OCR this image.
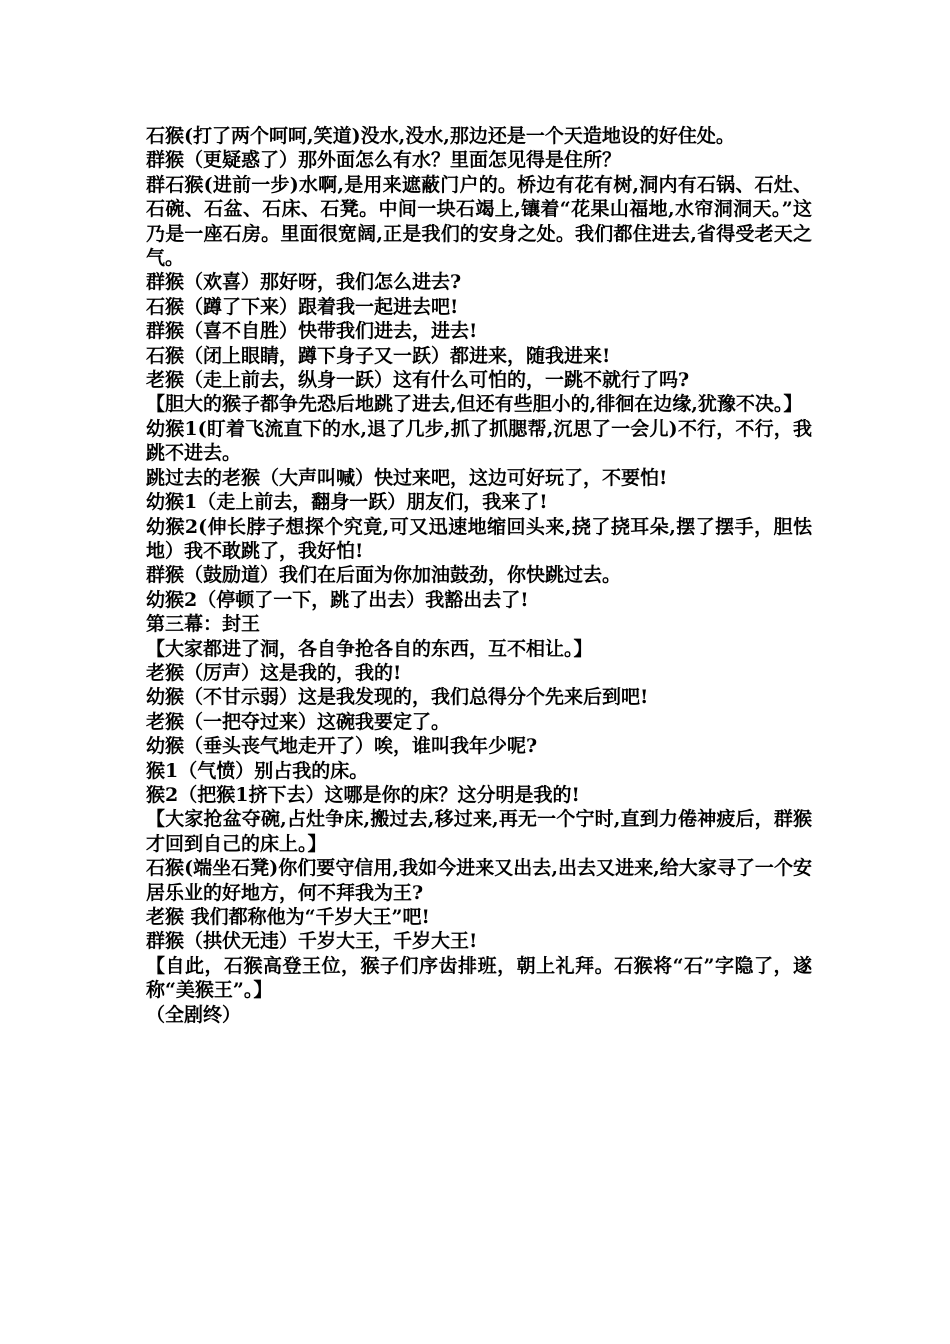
石猴(打了两个呵呵,笑道)没水,没水,那边还是一个天造地设的好住处。

群猴（更疑惑了）那外面怎么有水？里面怎见得是住所？

群石猴(进前一步)水啊,是用来遮蔽门户的。桥边有花有树,洞内有石锅、石灶、石碗、石盆、石床、石凳。中间一块石竭上,镶着“花果山福地,水帘洞洞天。”这乃是一座石房。里面很宽阔,正是我们的安身之处。我们都住进去,省得受老天之气。

群猴（欢喜）那好呀，我们怎么进去?

石猴（蹲了下来）跟着我一起进去吧!

群猴（喜不自胜）快带我们进去，进去!

石猴（闭上眼睛，蹲下身子又一跃）都进来，随我进来!

老猴（走上前去，纵身一跃）这有什么可怕的，一跳不就行了吗?

【胆大的猴子都争先恐后地跳了进去,但还有些胆小的,徘徊在边缘,犹豫不决。】

幼猴1(盯着飞流直下的水,退了几步,抓了抓腮帮,沉思了一会儿)不行，不行，我跳不进去。

跳过去的老猴（大声叫喊）快过来吧，这边可好玩了，不要怕!

幼猴1（走上前去，翻身一跃）朋友们，我来了!

幼猴2(伸长脖子想探个究竟,可又迅速地缩回头来,挠了挠耳朵,摆了摆手，胆怯地）我不敢跳了，我好怕!

群猴（鼓励道）我们在后面为你加油鼓劲，你快跳过去。

幼猴2（停顿了一下，跳了出去）我豁出去了!

第三幕：封王

【大家都进了洞，各自争抢各自的东西，互不相让。】

老猴（厉声）这是我的，我的!

幼猴（不甘示弱）这是我发现的，我们总得分个先来后到吧!

老猴（一把夺过来）这碗我要定了。

幼猴（垂头丧气地走开了）唉，谁叫我年少呢?

猴1（气愤）别占我的床。

猴2（把猴1挤下去）这哪是你的床？这分明是我的!

【大家抢盆夺碗,占灶争床,搬过去,移过来,再无一个宁时,直到力倦神疲后，群猴才回到自己的床上。】

石猴(端坐石凳)你们要守信用,我如今进来又出去,出去又进来,给大家寻了一个安居乐业的好地方，何不拜我为王?

老猴 我们都称他为“千岁大王”吧!

群猴（拱伏无违）千岁大王，千岁大王!

【自此，石猴高登王位，猴子们序齿排班，朝上礼拜。石猴将“石”字隐了，遂称“美猴王”。】

（全剧终）
